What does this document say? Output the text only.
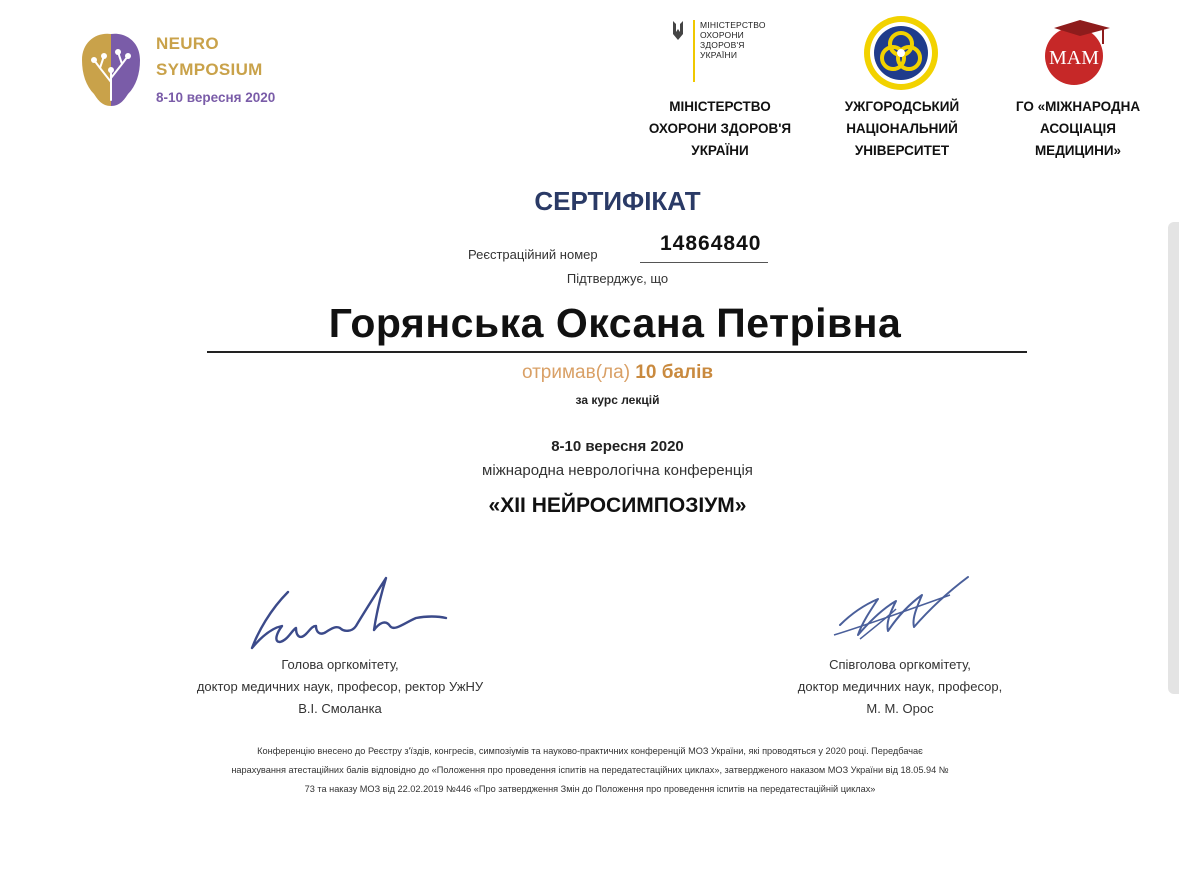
NEURO
SYMPOSIUM
8-10 вересня 2020
МІНІСТЕРСТВО
ОХОРОНИ
ЗДОРОВ'Я
УКРАЇНИ
МІНІСТЕРСТВО
ОХОРОНИ ЗДОРОВ'Я
УКРАЇНИ
УЖГОРОДСЬКИЙ
НАЦІОНАЛЬНИЙ
УНІВЕРСИТЕТ
МАМ
ГО «МІЖНАРОДНА
АСОЦІАЦІЯ
МЕДИЦИНИ»
СЕРТИФІКАТ
Реєстраційний номер	14864840
Підтверджує, що
Горянська Оксана Петрівна
отримав(ла) 10 балів
за курс лекцій
8-10 вересня 2020
міжнародна неврологічна конференція
«XII НЕЙРОСИМПОЗІУМ»
Голова оргкомітету,
доктор медичних наук, професор, ректор УжНУ
В.І. Смоланка
Співголова оргкомітету,
доктор медичних наук, професор,
М. М. Орос
Конференцію внесено до Реєстру з'їздів, конгресів, симпозіумів та науково-практичних конференцій МОЗ України, які проводяться у 2020 році. Передбачає
нарахування атестаційних балів відповідно до «Положення про проведення іспитів на передатестаційних циклах», затвердженого наказом МОЗ України від 18.05.94 №
73 та наказу МОЗ від 22.02.2019 №446 «Про затвердження Змін до Положення про проведення іспитів на передатестаційній циклах»
